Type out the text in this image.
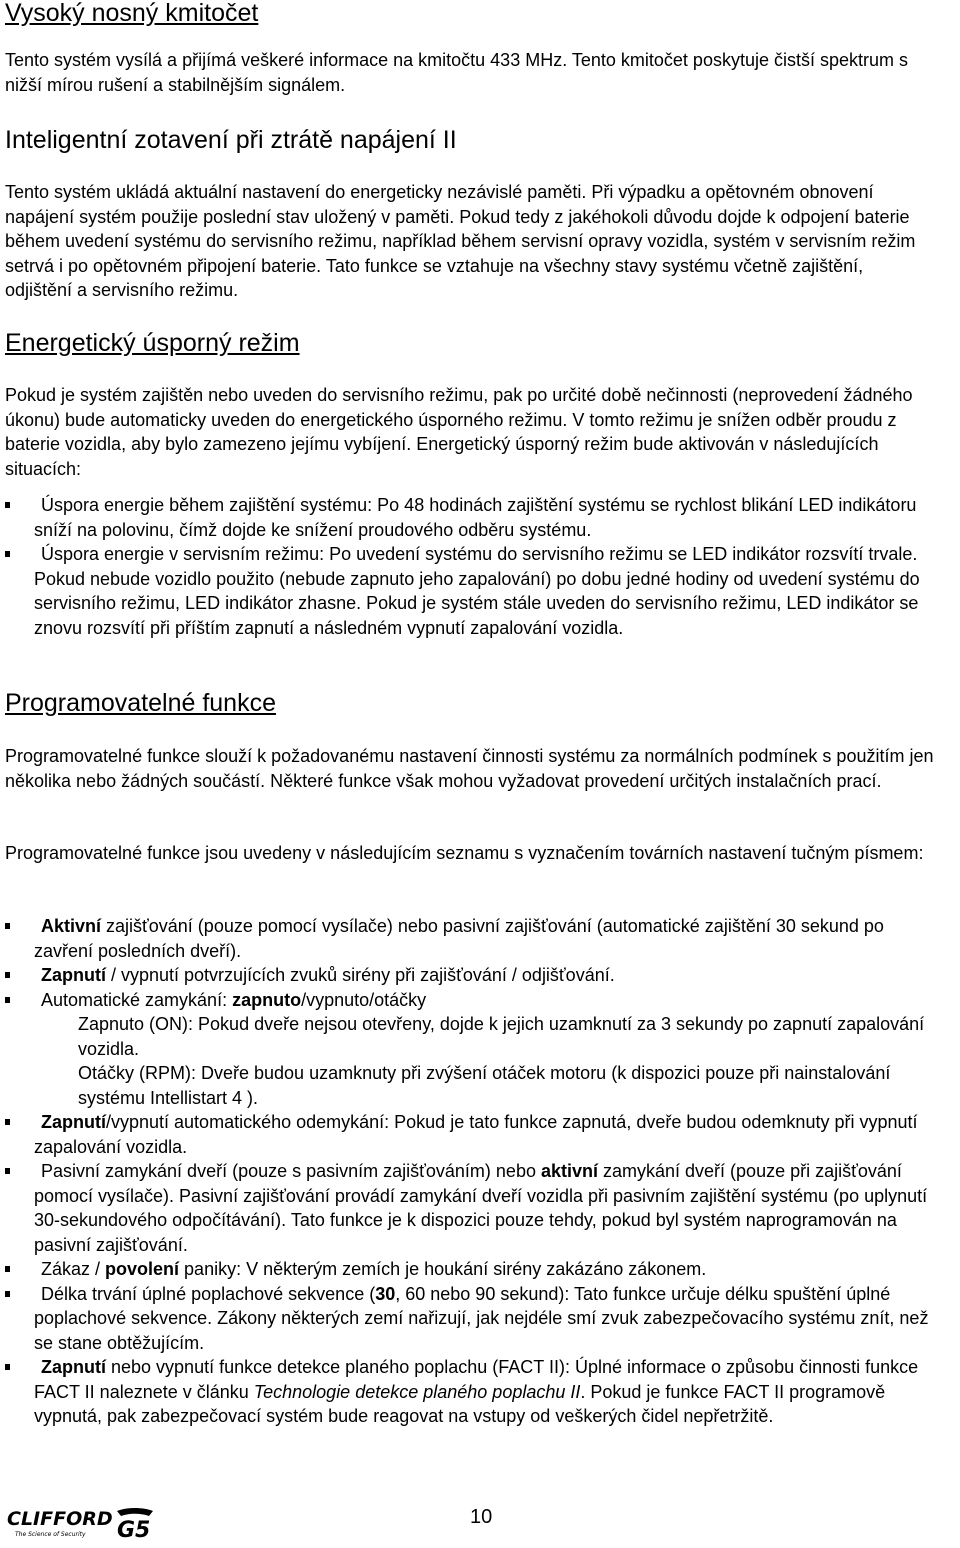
Vysoký nosný kmitočet

Tento systém vysílá a přijímá veškeré informace na kmitočtu 433 MHz. Tento kmitočet poskytuje čistší spektrum s nižší mírou rušení a stabilnějším signálem.

Inteligentní zotavení při ztrátě napájení II

Tento systém ukládá aktuální nastavení do energeticky nezávislé paměti. Při výpadku a opětovném obnovení napájení systém použije poslední stav uložený v paměti. Pokud tedy z jakéhokoli důvodu dojde k odpojení baterie během uvedení systému do servisního režimu, například během servisní opravy vozidla, systém v servisním režim setrvá i po opětovném připojení baterie. Tato funkce se vztahuje na všechny stavy systému včetně zajištění, odjištění a servisního režimu.

Energetický úsporný režim

Pokud je systém zajištěn nebo uveden do servisního režimu, pak po určité době nečinnosti (neprovedení žádného úkonu) bude automaticky uveden do energetického úsporného režimu. V tomto režimu je snížen odběr proudu z baterie vozidla, aby bylo zamezeno jejímu vybíjení. Energetický úsporný režim bude aktivován v následujících situacích:

Úspora energie během zajištění systému: Po 48 hodinách zajištění systému se rychlost blikání LED indikátoru sníží na polovinu, čímž dojde ke snížení proudového odběru systému.
Úspora energie v servisním režimu: Po uvedení systému do servisního režimu se LED indikátor rozsvítí trvale. Pokud nebude vozidlo použito (nebude zapnuto jeho zapalování) po dobu jedné hodiny od uvedení systému do servisního režimu, LED indikátor zhasne. Pokud je systém stále uveden do servisního režimu, LED indikátor se znovu rozsvítí při příštím zapnutí a následném vypnutí zapalování vozidla.
Programovatelné funkce

Programovatelné funkce slouží k požadovanému nastavení činnosti systému za normálních podmínek s použitím jen několika nebo žádných součástí. Některé funkce však mohou vyžadovat provedení určitých instalačních prací.

Programovatelné funkce jsou uvedeny v následujícím seznamu s vyznačením továrních nastavení tučným písmem:

Aktivní zajišťování (pouze pomocí vysílače) nebo pasivní zajišťování (automatické zajištění 30 sekund po zavření posledních dveří).
Zapnutí / vypnutí potvrzujících zvuků sirény při zajišťování / odjišťování.
Automatické zamykání: zapnuto/vypnuto/otáčky
Zapnuto (ON): Pokud dveře nejsou otevřeny, dojde k jejich uzamknutí za 3 sekundy po zapnutí zapalování vozidla.
Otáčky (RPM): Dveře budou uzamknuty při zvýšení otáček motoru (k dispozici pouze při nainstalování systému Intellistart 4 ).
Zapnutí/vypnutí automatického odemykání: Pokud je tato funkce zapnutá, dveře budou odemknuty při vypnutí zapalování vozidla.
Pasivní zamykání dveří (pouze s pasivním zajišťováním) nebo aktivní zamykání dveří (pouze při zajišťování pomocí vysílače). Pasivní zajišťování provádí zamykání dveří vozidla při pasivním zajištění systému (po uplynutí 30-sekundového odpočítávání). Tato funkce je k dispozici pouze tehdy, pokud byl systém naprogramován na pasivní zajišťování.
Zákaz / povolení paniky: V některým zemích je houkání sirény zakázáno zákonem.
Délka trvání úplné poplachové sekvence (30, 60 nebo 90 sekund): Tato funkce určuje délku spuštění úplné poplachové sekvence. Zákony některých zemí nařizují, jak nejdéle smí zvuk zabezpečovacího systému znít, než se stane obtěžujícím.
Zapnutí nebo vypnutí funkce detekce planého poplachu (FACT II): Úplné informace o způsobu činnosti funkce FACT II naleznete v článku Technologie detekce planého poplachu II. Pokud je funkce FACT II programově vypnutá, pak zabezpečovací systém bude reagovat na vstupy od veškerých čidel nepřetržitě.
CLIFFORD
The Science of Security G5
10
